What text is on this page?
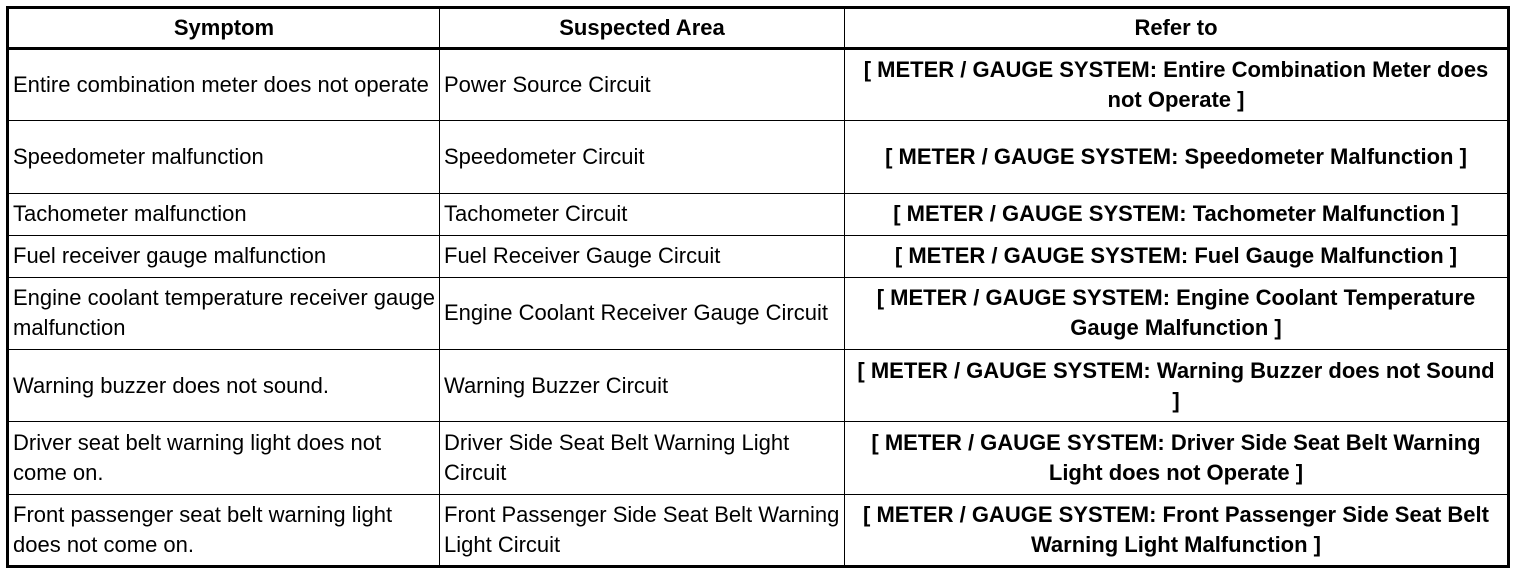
Symptom	Suspected Area	Refer to
Entire combination meter does not operate	Power Source Circuit	[ METER / GAUGE SYSTEM: Entire Combination Meter does not Operate ]
Speedometer malfunction	Speedometer Circuit	[ METER / GAUGE SYSTEM: Speedometer Malfunction ]
Tachometer malfunction	Tachometer Circuit	[ METER / GAUGE SYSTEM: Tachometer Malfunction ]
Fuel receiver gauge malfunction	Fuel Receiver Gauge Circuit	[ METER / GAUGE SYSTEM: Fuel Gauge Malfunction ]
Engine coolant temperature receiver gauge malfunction	Engine Coolant Receiver Gauge Circuit	[ METER / GAUGE SYSTEM: Engine Coolant Temperature Gauge Malfunction ]
Warning buzzer does not sound.	Warning Buzzer Circuit	[ METER / GAUGE SYSTEM: Warning Buzzer does not Sound ]
Driver seat belt warning light does not come on.	Driver Side Seat Belt Warning Light Circuit	[ METER / GAUGE SYSTEM: Driver Side Seat Belt Warning Light does not Operate ]
Front passenger seat belt warning light does not come on.	Front Passenger Side Seat Belt Warning Light Circuit	[ METER / GAUGE SYSTEM: Front Passenger Side Seat Belt Warning Light Malfunction ]
